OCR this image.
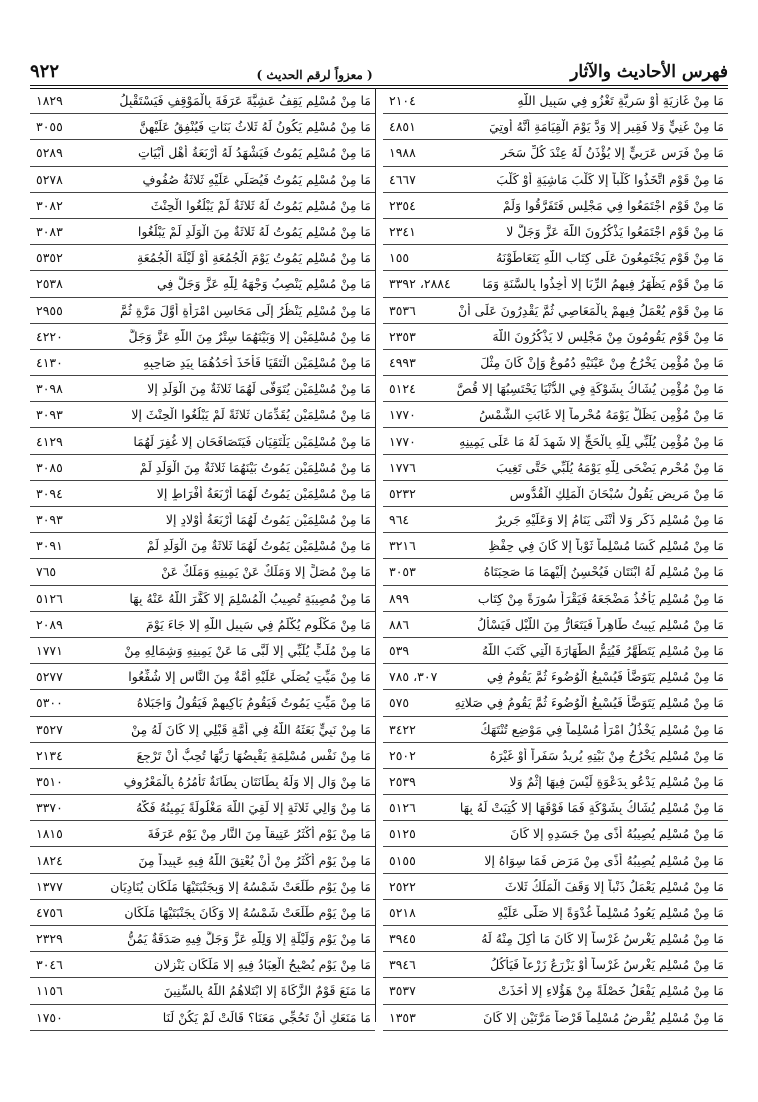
فهرس الأحاديث والآثار
( معزواً لرقم الحديث )
٩٢٢
مَا مِنْ غَازِيَةٍ أَوْ سَرِيَّةٍ تَغْزُو فِي سَبِيلِ اللَّهِ
٢١٠٤
مَا مِنْ غَنِيٍّ وَلا فَقِيرٍ إِلا وَدَّ يَوْمَ الْقِيَامَةِ أَنَّهُ أُوتِيَ
٤٨٥١
مَا مِنْ فَرَسٍ عَرَبِيٍّ إِلا يُؤْذَنُ لَهُ عِنْدَ كُلِّ سَحَرٍ
١٩٨٨
مَا مِنْ قَوْمٍ اتَّخَذُوا كَلْباً إِلا كَلْبَ مَاشِيَةٍ أَوْ كَلْبَ
٤٦٦٧
مَا مِنْ قَوْمٍ اجْتَمَعُوا فِي مَجْلِسٍ فَتَفَرَّقُوا وَلَمْ
٢٣٥٤
مَا مِنْ قَوْمٍ اجْتَمَعُوا يَذْكُرُونَ اللَّهَ عَزَّ وَجَلَّ لا
٢٣٤١
مَا مِنْ قَوْمٍ يَجْتَمِعُونَ عَلَى كِتَابِ اللَّهِ يَتَعَاطَوْنَهُ
١٥٥
مَا مِنْ قَوْمٍ يَظْهَرُ فِيهِمُ الرِّبَا إِلا أُخِذُوا بِالسَّنَةِ وَمَا
٢٨٨٤، ٣٣٩٢
مَا مِنْ قَوْمٍ يُعْمَلُ فِيهِمْ بِالْمَعَاصِي ثُمَّ يَقْدِرُونَ عَلَى أَنْ
٣٥٣٦
مَا مِنْ قَوْمٍ يَقُومُونَ مِنْ مَجْلِسٍ لا يَذْكُرُونَ اللَّهَ
٢٣٥٣
مَا مِنْ مُؤْمِنٍ يَخْرُجُ مِنْ عَيْنَيْهِ دُمُوعٌ وَإِنْ كَانَ مِثْلَ
٤٩٩٣
مَا مِنْ مُؤْمِنٍ يُشَاكُ بِشَوْكَةٍ فِي الدُّنْيَا يَحْتَسِبُهَا إِلا قُصَّ
٥١٢٤
مَا مِنْ مُؤْمِنٍ يَظَلُّ يَوْمَهُ مُحْرِماً إِلا غَابَتِ الشَّمْسُ
١٧٧٠
مَا مِنْ مُؤْمِنٍ يُلَبِّي لِلَّهِ بِالْحَجِّ إِلا شَهِدَ لَهُ مَا عَلَى يَمِينِهِ
١٧٧٠
مَا مِنْ مُحْرِمٍ يَضْحَى لِلَّهِ يَوْمَهُ يُلَبِّي حَتَّى تَغِيبَ
١٧٧٦
مَا مِنْ مَرِيضٍ يَقُولُ سُبْحَانَ الْمَلِكِ الْقُدُّوسِ
٥٢٣٢
مَا مِنْ مُسْلِمٍ ذَكَرٍ وَلا أُنْثَى يَنَامُ إِلا وَعَلَيْهِ جَرِيرٌ
٩٦٤
مَا مِنْ مُسْلِمٍ كَسَا مُسْلِماً ثَوْباً إِلا كَانَ فِي حِفْظِ
٣٢١٦
مَا مِنْ مُسْلِمٍ لَهُ ابْنَتَانِ فَيُحْسِنُ إِلَيْهِمَا مَا صَحِبَتَاهُ
٣٠٥٣
مَا مِنْ مُسْلِمٍ يَأْخُذُ مَضْجَعَهُ فَيَقْرَأُ سُورَةً مِنْ كِتَابِ
٨٩٩
مَا مِنْ مُسْلِمٍ يَبِيتُ طَاهِراً فَيَتَعَارُّ مِنَ اللَّيْلِ فَيَسْأَلُ
٨٨٦
مَا مِنْ مُسْلِمٍ يَتَطَهَّرُ فَيُتِمُّ الطَّهَارَةَ الَّتِي كَتَبَ اللَّهُ
٥٣٩
مَا مِنْ مُسْلِمٍ يَتَوَضَّأُ فَيُسْبِغُ الْوُضُوءَ ثُمَّ يَقُومُ فِي
٣٠٧، ٧٨٥
مَا مِنْ مُسْلِمٍ يَتَوَضَّأُ فَيُسْبِغُ الْوُضُوءَ ثُمَّ يَقُومُ فِي صَلاتِهِ
٥٧٥
مَا مِنْ مُسْلِمٍ يَخْذُلُ امْرَأً مُسْلِماً فِي مَوْضِعٍ تُنْتَهَكُ
٣٤٢٢
مَا مِنْ مُسْلِمٍ يَخْرُجُ مِنْ بَيْتِهِ يُرِيدُ سَفَراً أَوْ غَيْرَهُ
٢٥٠٢
مَا مِنْ مُسْلِمٍ يَدْعُو بِدَعْوَةٍ لَيْسَ فِيهَا إِثْمٌ وَلا
٢٥٣٩
مَا مِنْ مُسْلِمٍ يُشَاكُ بِشَوْكَةٍ فَمَا فَوْقَهَا إِلا كُتِبَتْ لَهُ بِهَا
٥١٢٦
مَا مِنْ مُسْلِمٍ يُصِيبُهُ أَذًى مِنْ جَسَدِهِ إِلا كَانَ
٥١٢٥
مَا مِنْ مُسْلِمٍ يُصِيبُهُ أَذًى مِنْ مَرَضٍ فَمَا سِوَاهُ إِلا
٥١٥٥
مَا مِنْ مُسْلِمٍ يَعْمَلُ ذَنْباً إِلا وَقَفَ الْمَلَكُ ثَلاثَ
٢٥٢٢
مَا مِنْ مُسْلِمٍ يَعُودُ مُسْلِماً غُدْوَةً إِلا صَلَّى عَلَيْهِ
٥٢١٨
مَا مِنْ مُسْلِمٍ يَغْرِسُ غَرْساً إِلا كَانَ مَا أُكِلَ مِنْهُ لَهُ
٣٩٤٥
مَا مِنْ مُسْلِمٍ يَغْرِسُ غَرْساً أَوْ يَزْرَعُ زَرْعاً فَيَأْكُلُ
٣٩٤٦
مَا مِنْ مُسْلِمٍ يَفْعَلُ خَصْلَةً مِنْ هَؤُلاءِ إِلا أَخَذَتْ
٣٥٣٧
مَا مِنْ مُسْلِمٍ يُقْرِضُ مُسْلِماً قَرْضاً مَرَّتَيْنِ إِلا كَانَ
١٣٥٣
مَا مِنْ مُسْلِمٍ يَقِفُ عَشِيَّةَ عَرَفَةَ بِالْمَوْقِفِ فَيَسْتَقْبِلُ
١٨٢٩
مَا مِنْ مُسْلِمٍ يَكُونُ لَهُ ثَلاثُ بَنَاتٍ فَيُنْفِقُ عَلَيْهِنَّ
٣٠٥٥
مَا مِنْ مُسْلِمٍ يَمُوتُ فَيَشْهَدُ لَهُ أَرْبَعَةُ أَهْلِ أَبْيَاتٍ
٥٢٨٩
مَا مِنْ مُسْلِمٍ يَمُوتُ فَيُصَلِّي عَلَيْهِ ثَلاثَةُ صُفُوفٍ
٥٢٧٨
مَا مِنْ مُسْلِمٍ يَمُوتُ لَهُ ثَلاثَةٌ لَمْ يَبْلُغُوا الْحِنْثَ
٣٠٨٢
مَا مِنْ مُسْلِمٍ يَمُوتُ لَهُ ثَلاثَةٌ مِنَ الْوَلَدِ لَمْ يَبْلُغُوا
٣٠٨٣
مَا مِنْ مُسْلِمٍ يَمُوتُ يَوْمَ الْجُمُعَةِ أَوْ لَيْلَةَ الْجُمُعَةِ
٥٣٥٢
مَا مِنْ مُسْلِمٍ يَنْصِبُ وَجْهَهُ لِلَّهِ عَزَّ وَجَلَّ فِي
٢٥٣٨
مَا مِنْ مُسْلِمٍ يَنْظُرُ إِلَى مَحَاسِنِ امْرَأَةٍ أَوَّلَ مَرَّةٍ ثُمَّ
٢٩٥٥
مَا مِنْ مُسْلِمَيْنِ إِلا وَبَيْنَهُمَا سِتْرٌ مِنَ اللَّهِ عَزَّ وَجَلَّ
٤٢٢٠
مَا مِنْ مُسْلِمَيْنِ الْتَقَيَا فَأَخَذَ أَحَدُهُمَا بِيَدِ صَاحِبِهِ
٤١٣٠
مَا مِنْ مُسْلِمَيْنِ يُتَوَفَّى لَهُمَا ثَلاثَةٌ مِنَ الْوَلَدِ إِلا
٣٠٩٨
مَا مِنْ مُسْلِمَيْنِ يُقَدِّمَانِ ثَلاثَةً لَمْ يَبْلُغُوا الْحِنْثَ إِلا
٣٠٩٣
مَا مِنْ مُسْلِمَيْنِ يَلْتَقِيَانِ فَيَتَصَافَحَانِ إِلا غُفِرَ لَهُمَا
٤١٢٩
مَا مِنْ مُسْلِمَيْنِ يَمُوتُ بَيْنَهُمَا ثَلاثَةٌ مِنَ الْوَلَدِ لَمْ
٣٠٨٥
مَا مِنْ مُسْلِمَيْنِ يَمُوتُ لَهُمَا أَرْبَعَةُ أَفْرَاطٍ إِلا
٣٠٩٤
مَا مِنْ مُسْلِمَيْنِ يَمُوتُ لَهُمَا أَرْبَعَةُ أَوْلادٍ إِلا
٣٠٩٣
مَا مِنْ مُسْلِمَيْنِ يَمُوتُ لَهُمَا ثَلاثَةٌ مِنَ الْوَلَدِ لَمْ
٣٠٩١
مَا مِنْ مُصَلٍّ إِلا وَمَلَكٌ عَنْ يَمِينِهِ وَمَلَكٌ عَنْ
٧٦٥
مَا مِنْ مُصِيبَةٍ تُصِيبُ الْمُسْلِمَ إِلا كَفَّرَ اللَّهُ عَنْهُ بِهَا
٥١٢٦
مَا مِنْ مَكْلُومٍ يُكْلَمُ فِي سَبِيلِ اللَّهِ إِلا جَاءَ يَوْمَ
٢٠٨٩
مَا مِنْ مُلَبٍّ يُلَبِّي إِلا لَبَّى مَا عَنْ يَمِينِهِ وَشِمَالِهِ مِنْ
١٧٧١
مَا مِنْ مَيِّتٍ يُصَلِّي عَلَيْهِ أُمَّةٌ مِنَ النَّاسِ إِلا شُفِّعُوا
٥٢٧٧
مَا مِنْ مَيِّتٍ يَمُوتُ فَيَقُومُ بَاكِيهِمْ فَيَقُولُ وَاجَبَلاهُ
٥٣٠٠
مَا مِنْ نَبِيٍّ بَعَثَهُ اللَّهُ فِي أُمَّةٍ قَبْلِي إِلا كَانَ لَهُ مِنْ
٣٥٢٧
مَا مِنْ نَفْسٍ مُسْلِمَةٍ يَقْبِضُهَا رَبُّهَا تُحِبُّ أَنْ تَرْجِعَ
٢١٣٤
مَا مِنْ وَالٍ إِلا وَلَهُ بِطَانَتَانِ بِطَانَةٌ تَأْمُرُهُ بِالْمَعْرُوفِ
٣٥١٠
مَا مِنْ وَالِي ثَلاثَةٍ إِلا لَقِيَ اللَّهَ مَغْلُولَةً يَمِينُهُ فَكَّهُ
٣٣٧٠
مَا مِنْ يَوْمٍ أَكْثَرُ عَتِيقاً مِنَ النَّارِ مِنْ يَوْمِ عَرَفَةَ
١٨١٥
مَا مِنْ يَوْمٍ أَكْثَرُ مِنْ أَنْ يُعْتِقَ اللَّهُ فِيهِ عَبِيداً مِنَ
١٨٢٤
مَا مِنْ يَوْمٍ طَلَعَتْ شَمْسُهُ إِلا وَبِجَنْبَتَيْهَا مَلَكَانِ يُنَادِيَانِ
١٣٧٧
مَا مِنْ يَوْمٍ طَلَعَتْ شَمْسُهُ إِلا وَكَانَ بِجَنْبَتَيْهَا مَلَكَانِ
٤٧٥٦
مَا مِنْ يَوْمٍ وَلَيْلَةٍ إِلا وَلِلَّهِ عَزَّ وَجَلَّ فِيهِ صَدَقَةٌ يَمُنُّ
٢٣٢٩
مَا مِنْ يَوْمٍ يُصْبِحُ الْعِبَادُ فِيهِ إِلا مَلَكَانِ يَنْزِلانِ
٣٠٤٦
مَا مَنَعَ قَوْمٌ الزَّكَاةَ إِلا ابْتَلاهُمُ اللَّهُ بِالسِّنِينَ
١١٥٦
مَا مَنَعَكِ أَنْ تَحُجِّي مَعَنَا؟ قَالَتْ لَمْ يَكُنْ لَنَا
١٧٥٠
